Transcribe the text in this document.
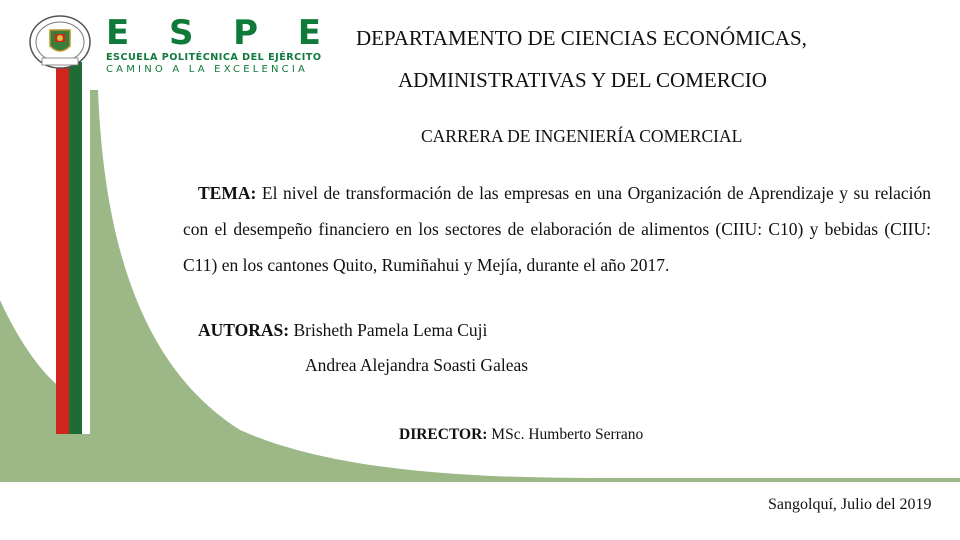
E S P E
ESCUELA POLITÉCNICA DEL EJÉRCITO
CAMINO A LA EXCELENCIA
DEPARTAMENTO DE CIENCIAS ECONÓMICAS,
ADMINISTRATIVAS Y DEL COMERCIO
CARRERA DE INGENIERÍA COMERCIAL
TEMA: El nivel de transformación de las empresas en una Organización de Aprendizaje y su relación con el desempeño financiero en los sectores de elaboración de alimentos (CIIU: C10) y bebidas (CIIU: C11) en los cantones Quito, Rumiñahui y Mejía, durante el año 2017.
AUTORAS: Brisheth Pamela Lema Cuji
Andrea Alejandra Soasti Galeas
DIRECTOR: MSc. Humberto Serrano
Sangolquí, Julio del 2019
